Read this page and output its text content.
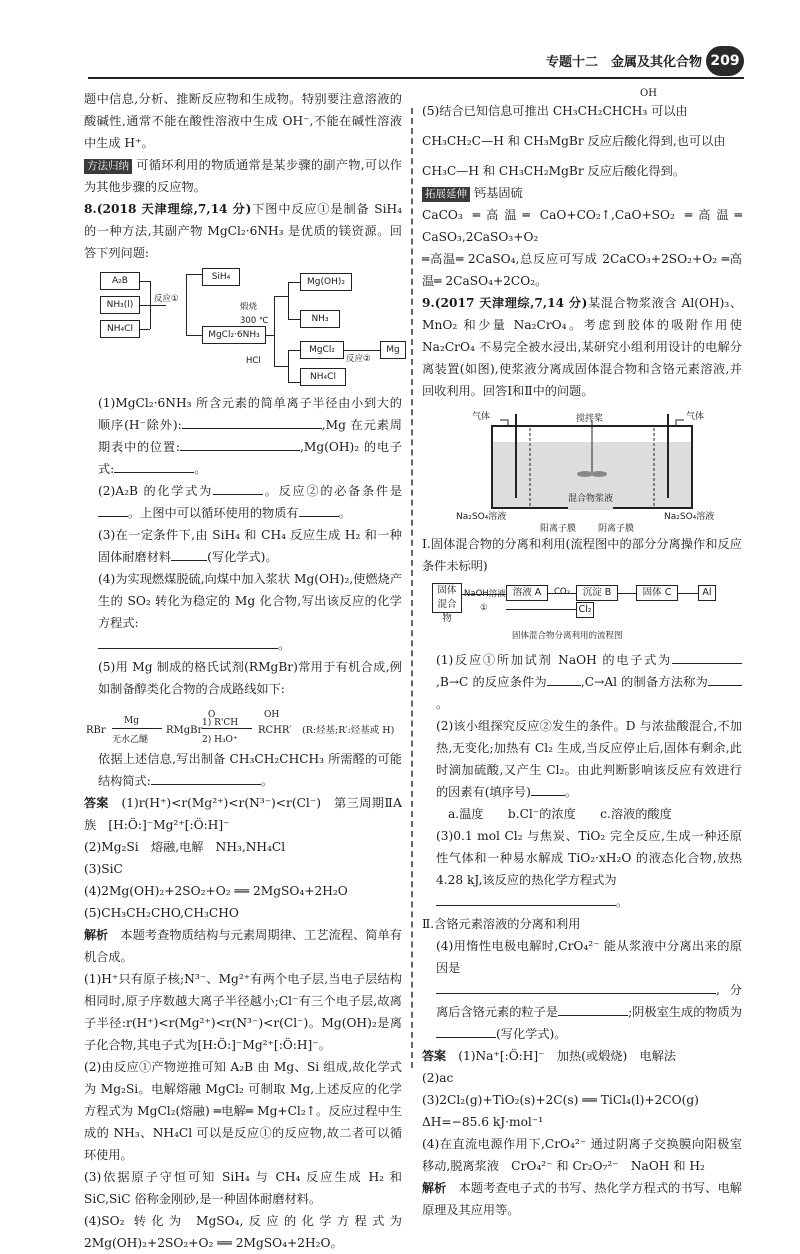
专题十二　金属及其化合物 209

题中信息,分析、推断反应物和生成物。特别要注意溶液的酸碱性,通常不能在酸性溶液中生成 OH⁻,不能在碱性溶液中生成 H⁺。

方法归纳 可循环利用的物质通常是某步骤的副产物,可以作为其他步骤的反应物。

8.(2018 天津理综,7,14 分)下图中反应①是制备 SiH₄ 的一种方法,其副产物 MgCl₂·6NH₃ 是优质的镁资源。回答下列问题:

A₂B
NH₃(l)
NH₄Cl
反应①
SiH₄
MgCl₂·6NH₃
煅烧
300 ℃
HCl
Mg(OH)₂
NH₃
MgCl₂
NH₄Cl
反应②
Mg

(1)MgCl₂·6NH₃ 所含元素的简单离子半径由小到大的顺序(H⁻除外):	,Mg 在元素周期表中的位置:	,Mg(OH)₂ 的电子式:	。

(2)A₂B 的化学式为	。反应②的必备条件是。上图中可以循环使用的物质有	。

(3)在一定条件下,由 SiH₄ 和 CH₄ 反应生成 H₂ 和一种固体耐磨材料	(写化学式)。

(4)为实现燃煤脱硫,向煤中加入浆状 Mg(OH)₂,使燃烧产生的 SO₂ 转化为稳定的 Mg 化合物,写出该反应的化学方程式:
。

(5)用 Mg 制成的格氏试剂(RMgBr)常用于有机合成,例如制备醇类化合物的合成路线如下:

RBr
Mg
无水乙醚
RMgBr
O
1) R'CH
2) H₃O⁺
OH
RCHR′ (R:烃基;R′:烃基或 H)

依据上述信息,写出制备 CH₃CH₂CHCH₃ 所需醛的可能结构简式:	。

答案　 (1)r(H⁺)<r(Mg²⁺)<r(N³⁻)<r(Cl⁻)　第三周期ⅡA 族　[H:Ö:]⁻Mg²⁺[:Ö:H]⁻

(2)Mg₂Si　熔融,电解　NH₃,NH₄Cl

(3)SiC

(4)2Mg(OH)₂+2SO₂+O₂ ══ 2MgSO₄+2H₂O

(5)CH₃CH₂CHO,CH₃CHO

解析　 本题考查物质结构与元素周期律、工艺流程、简单有机合成。

(1)H⁺只有原子核;N³⁻、Mg²⁺有两个电子层,当电子层结构相同时,原子序数越大离子半径越小;Cl⁻有三个电子层,故离子半径:r(H⁺)<r(Mg²⁺)<r(N³⁻)<r(Cl⁻)。Mg(OH)₂是离子化合物,其电子式为[H:Ö:]⁻Mg²⁺[:Ö:H]⁻。

(2)由反应①产物逆推可知 A₂B 由 Mg、Si 组成,故化学式为 Mg₂Si。电解熔融 MgCl₂ 可制取 Mg,上述反应的化学方程式为 MgCl₂(熔融) ═电解═ Mg+Cl₂↑。反应过程中生成的 NH₃、NH₄Cl 可以是反应①的反应物,故二者可以循环使用。

(3)依据原子守恒可知 SiH₄ 与 CH₄ 反应生成 H₂ 和 SiC,SiC 俗称金刚砂,是一种固体耐磨材料。

(4)SO₂ 转化为 MgSO₄,反应的化学方程式为 2Mg(OH)₂+2SO₂+O₂ ══ 2MgSO₄+2H₂O。

OH

(5)结合已知信息可推出 CH₃CH₂CHCH₃ 可以由

CH₃CH₂C—H 和 CH₃MgBr 反应后酸化得到,也可以由

CH₃C—H 和 CH₃CH₂MgBr 反应后酸化得到。

拓展延伸 钙基固硫

CaCO₃ ═高温═ CaO+CO₂↑,CaO+SO₂ ═高温═ CaSO₃,2CaSO₃+O₂

═高温═ 2CaSO₄,总反应可写成 2CaCO₃+2SO₂+O₂ ═高温═ 2CaSO₄+2CO₂。

9.(2017 天津理综,7,14 分)某混合物浆液含 Al(OH)₃、MnO₂ 和少量 Na₂CrO₄。考虑到胶体的吸附作用使 Na₂CrO₄ 不易完全被水浸出,某研究小组利用设计的电解分离装置(如图),使浆液分离成固体混合物和含铬元素溶液,并回收利用。回答Ⅰ和Ⅱ中的问题。

气体	气体
搅拌桨
混合物浆液
Na₂SO₄溶液	Na₂SO₄溶液
阳离子膜 阴离子膜

Ⅰ.固体混合物的分离和利用(流程图中的部分分离操作和反应条件未标明)

固体混合物
NaOH溶液
①
溶液 A	CO₂	沉淀 B	固体 C	Al
Cl₂
固体混合物分离利用的流程图

(1)反应①所加试剂 NaOH 的电子式为,B→C 的反应条件为	,C→Al 的制备方法称为。

(2)该小组探究反应②发生的条件。D 与浓盐酸混合,不加热,无变化;加热有 Cl₂ 生成,当反应停止后,固体有剩余,此时滴加硫酸,又产生 Cl₂。由此判断影响该反应有效进行的因素有(填序号)	。

a.温度　　b.Cl⁻的浓度　　c.溶液的酸度

(3)0.1 mol Cl₂ 与焦炭、TiO₂ 完全反应,生成一种还原性气体和一种易水解成 TiO₂·xH₂O 的液态化合物,放热 4.28 kJ,该反应的热化学方程式为
。

Ⅱ.含铬元素溶液的分离和利用

(4)用惰性电极电解时,CrO₄²⁻ 能从浆液中分离出来的原因是
,分离后含铬元素的粒子是	;阴极室生成的物质为(写化学式)。

答案　 (1)Na⁺[:Ö:H]⁻　加热(或煅烧)　电解法

(2)ac

(3)2Cl₂(g)+TiO₂(s)+2C(s) ══ TiCl₄(l)+2CO(g)

ΔH=−85.6 kJ·mol⁻¹

(4)在直流电源作用下,CrO₄²⁻ 通过阴离子交换膜向阳极室移动,脱离浆液　CrO₄²⁻ 和 Cr₂O₇²⁻　NaOH 和 H₂

解析　 本题考查电子式的书写、热化学方程式的书写、电解原理及其应用等。
